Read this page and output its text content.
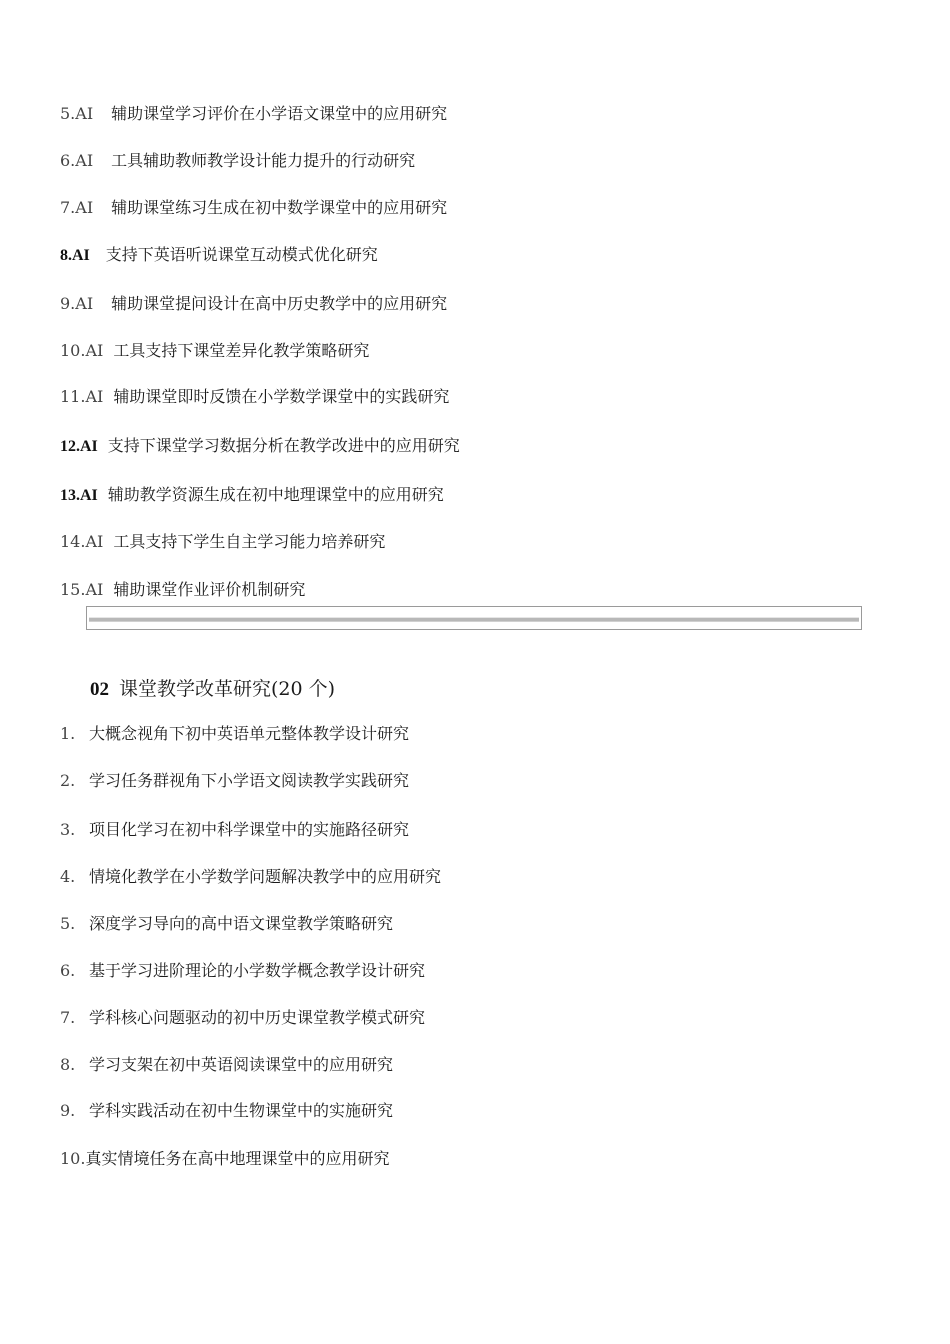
5.AI 辅助课堂学习评价在小学语文课堂中的应用研究
6.AI 工具辅助教师教学设计能力提升的行动研究
7.AI 辅助课堂练习生成在初中数学课堂中的应用研究
8.AI 支持下英语听说课堂互动模式优化研究
9.AI 辅助课堂提问设计在高中历史教学中的应用研究
10.AI 工具支持下课堂差异化教学策略研究
11.AI 辅助课堂即时反馈在小学数学课堂中的实践研究
12.AI 支持下课堂学习数据分析在教学改进中的应用研究
13.AI 辅助教学资源生成在初中地理课堂中的应用研究
14.AI 工具支持下学生自主学习能力培养研究
15.AI 辅助课堂作业评价机制研究
02 课堂教学改革研究(20 个)
1. 大概念视角下初中英语单元整体教学设计研究
2. 学习任务群视角下小学语文阅读教学实践研究
3. 项目化学习在初中科学课堂中的实施路径研究
4. 情境化教学在小学数学问题解决教学中的应用研究
5. 深度学习导向的高中语文课堂教学策略研究
6. 基于学习进阶理论的小学数学概念教学设计研究
7. 学科核心问题驱动的初中历史课堂教学模式研究
8. 学习支架在初中英语阅读课堂中的应用研究
9. 学科实践活动在初中生物课堂中的实施研究
10.真实情境任务在高中地理课堂中的应用研究
